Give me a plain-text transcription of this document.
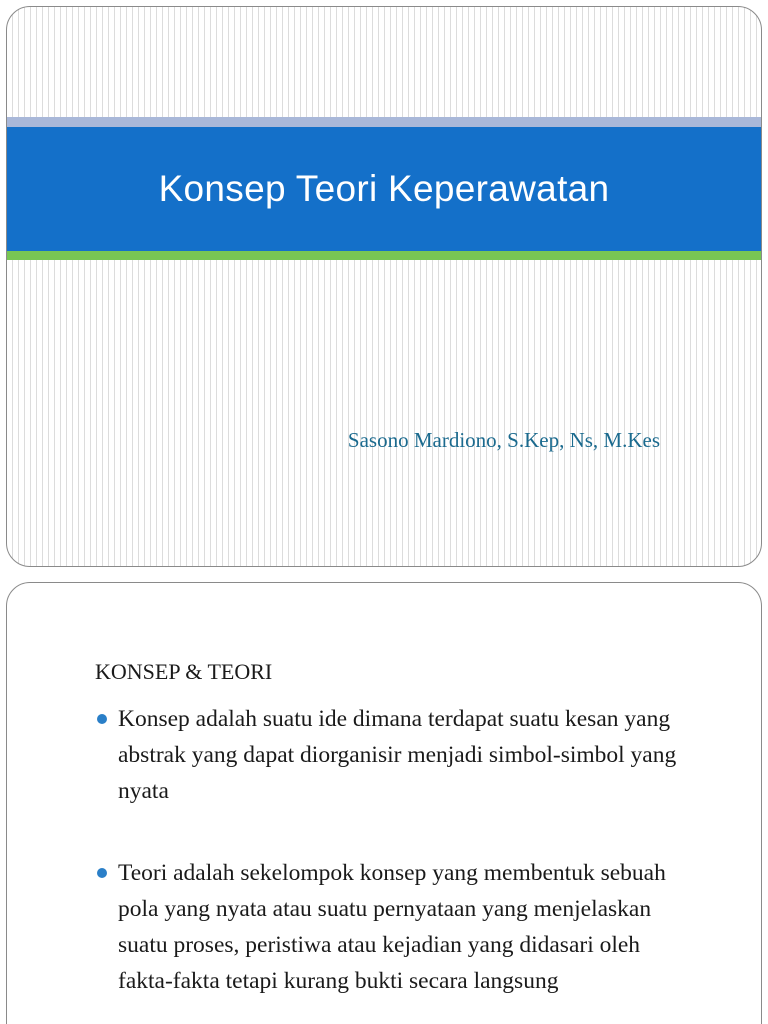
Konsep Teori Keperawatan
Sasono Mardiono, S.Kep, Ns, M.Kes
KONSEP & TEORI
Konsep adalah suatu ide dimana terdapat suatu kesan yang abstrak yang dapat diorganisir menjadi simbol-simbol yang nyata
Teori adalah sekelompok konsep yang membentuk sebuah pola yang nyata atau suatu pernyataan yang menjelaskan suatu proses, peristiwa atau kejadian yang didasari oleh fakta-fakta tetapi kurang bukti secara langsung
